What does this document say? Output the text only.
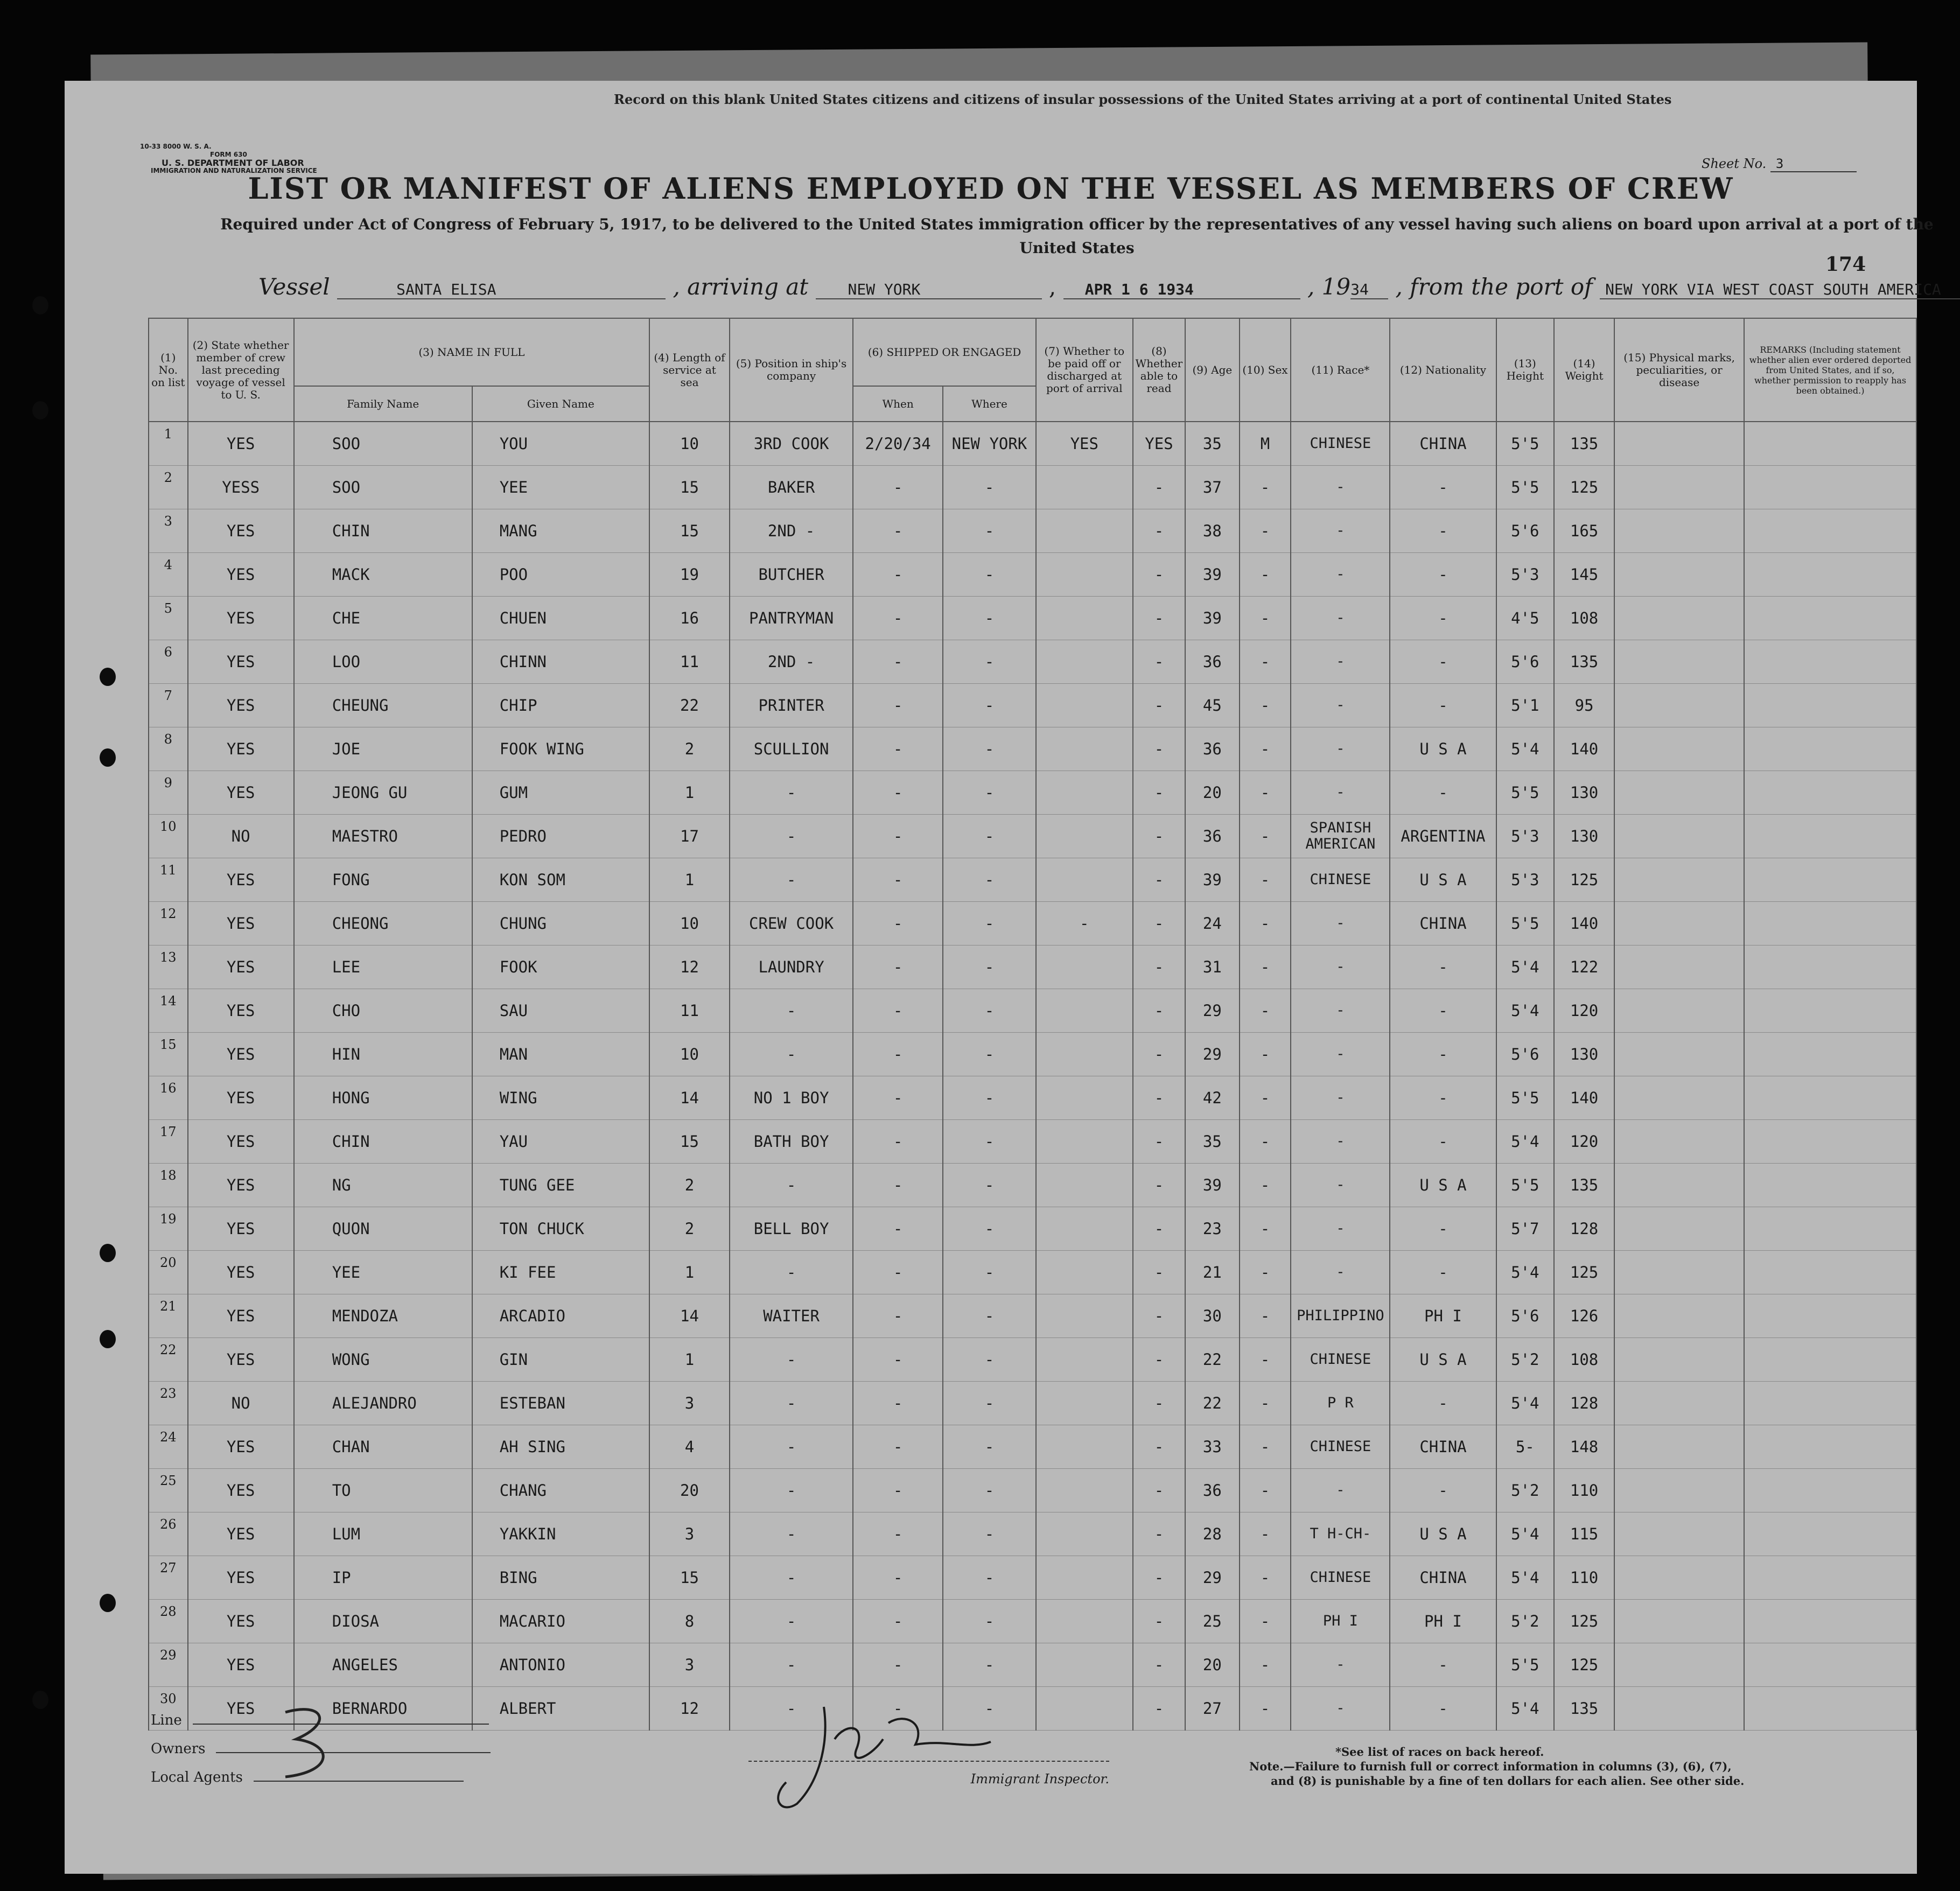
Record on this blank United States citizens and citizens of insular possessions of the United States arriving at a port of continental United States
10-33 8000 W. S. A.
FORM 630
U. S. DEPARTMENT OF LABOR
IMMIGRATION AND NATURALIZATION SERVICE	Sheet No. 3
LIST OR MANIFEST OF ALIENS EMPLOYED ON THE VESSEL AS MEMBERS OF CREW
Required under Act of Congress of February 5, 1917, to be delivered to the United States immigration officer by the representatives of any vessel having such aliens on board upon arrival at a port of the United States
174
Vessel	SANTA ELISA	, arriving at	NEW YORK	, APR 1 6 1934	, 1934 , from the port of NEW YORK VIA WEST COAST SOUTH AMERICA
(1) No. on list	(2) State whether member of crew last preceding voyage of vessel to U. S.	(3) NAME IN FULL		(4) Length of service at sea	(5) Position in ship's company	(6) SHIPPED OR ENGAGED		(7) Whether to be paid off or discharged at port of arrival	(8) Whether able to read	(9) Age	(10) Sex	(11) Race*	(12) Nationality	(13) Height	(14) Weight	(15) Physical marks, peculiarities, or disease	REMARKS (Including statement whether alien ever ordered deported from United States, and if so, whether permission to reapply has been obtained.)
		Family Name	Given Name			When	Where										
1	YES	SOO	YOU	10	3RD COOK	2/20/34	NEW YORK	YES	YES	35	M	CHINESE	CHINA	5'5	135		
2	YESS	SOO	YEE	15	BAKER	-	-		-	37	-	-	-	5'5	125		
3	YES	CHIN	MANG	15	2ND -	-	-		-	38	-	-	-	5'6	165		
4	YES	MACK	POO	19	BUTCHER	-	-		-	39	-	-	-	5'3	145		
5	YES	CHE	CHUEN	16	PANTRYMAN	-	-		-	39	-	-	-	4'5	108		
6	YES	LOO	CHINN	11	2ND -	-	-		-	36	-	-	-	5'6	135		
7	YES	CHEUNG	CHIP	22	PRINTER	-	-		-	45	-	-	-	5'1	95		
8	YES	JOE	FOOK WING	2	SCULLION	-	-		-	36	-	-	U S A	5'4	140		
9	YES	JEONG GU	GUM	1	-	-	-		-	20	-	-	-	5'5	130		
10	NO	MAESTRO	PEDRO	17	-	-	-		-	36	-	SPANISH AMERICAN	ARGENTINA	5'3	130		
11	YES	FONG	KON SOM	1	-	-	-		-	39	-	CHINESE	U S A	5'3	125		
12	YES	CHEONG	CHUNG	10	CREW COOK	-	-	-	-	24	-	-	CHINA	5'5	140		
13	YES	LEE	FOOK	12	LAUNDRY	-	-		-	31	-	-	-	5'4	122		
14	YES	CHO	SAU	11	-	-	-		-	29	-	-	-	5'4	120		
15	YES	HIN	MAN	10	-	-	-		-	29	-	-	-	5'6	130		
16	YES	HONG	WING	14	NO 1 BOY	-	-		-	42	-	-	-	5'5	140		
17	YES	CHIN	YAU	15	BATH BOY	-	-		-	35	-	-	-	5'4	120		
18	YES	NG	TUNG GEE	2	-	-	-		-	39	-	-	U S A	5'5	135		
19	YES	QUON	TON CHUCK	2	BELL BOY	-	-		-	23	-	-	-	5'7	128		
20	YES	YEE	KI FEE	1	-	-	-		-	21	-	-	-	5'4	125		
21	YES	MENDOZA	ARCADIO	14	WAITER	-	-		-	30	-	PHILIPPINO	PH I	5'6	126		
22	YES	WONG	GIN	1	-	-	-		-	22	-	CHINESE	U S A	5'2	108		
23	NO	ALEJANDRO	ESTEBAN	3	-	-	-		-	22	-	P R	-	5'4	128		
24	YES	CHAN	AH SING	4	-	-	-		-	33	-	CHINESE	CHINA	5-	148		
25	YES	TO	CHANG	20	-	-	-		-	36	-	-	-	5'2	110		
26	YES	LUM	YAKKIN	3	-	-	-		-	28	-	T H-CH-	U S A	5'4	115		
27	YES	IP	BING	15	-	-	-		-	29	-	CHINESE	CHINA	5'4	110		
28	YES	DIOSA	MACARIO	8	-	-	-		-	25	-	PH I	PH I	5'2	125		
29	YES	ANGELES	ANTONIO	3	-	-	-		-	20	-	-	-	5'5	125		
30	YES	BERNARDO	ALBERT	12	-	-	-		-	27	-	-	-	5'4	135		
Line
Owners
Local Agents	Immigrant Inspector.
*See list of races on back hereof.
Note.—Failure to furnish full or correct information in columns (3), (6), (7),
and (8) is punishable by a fine of ten dollars for each alien. See other side.
